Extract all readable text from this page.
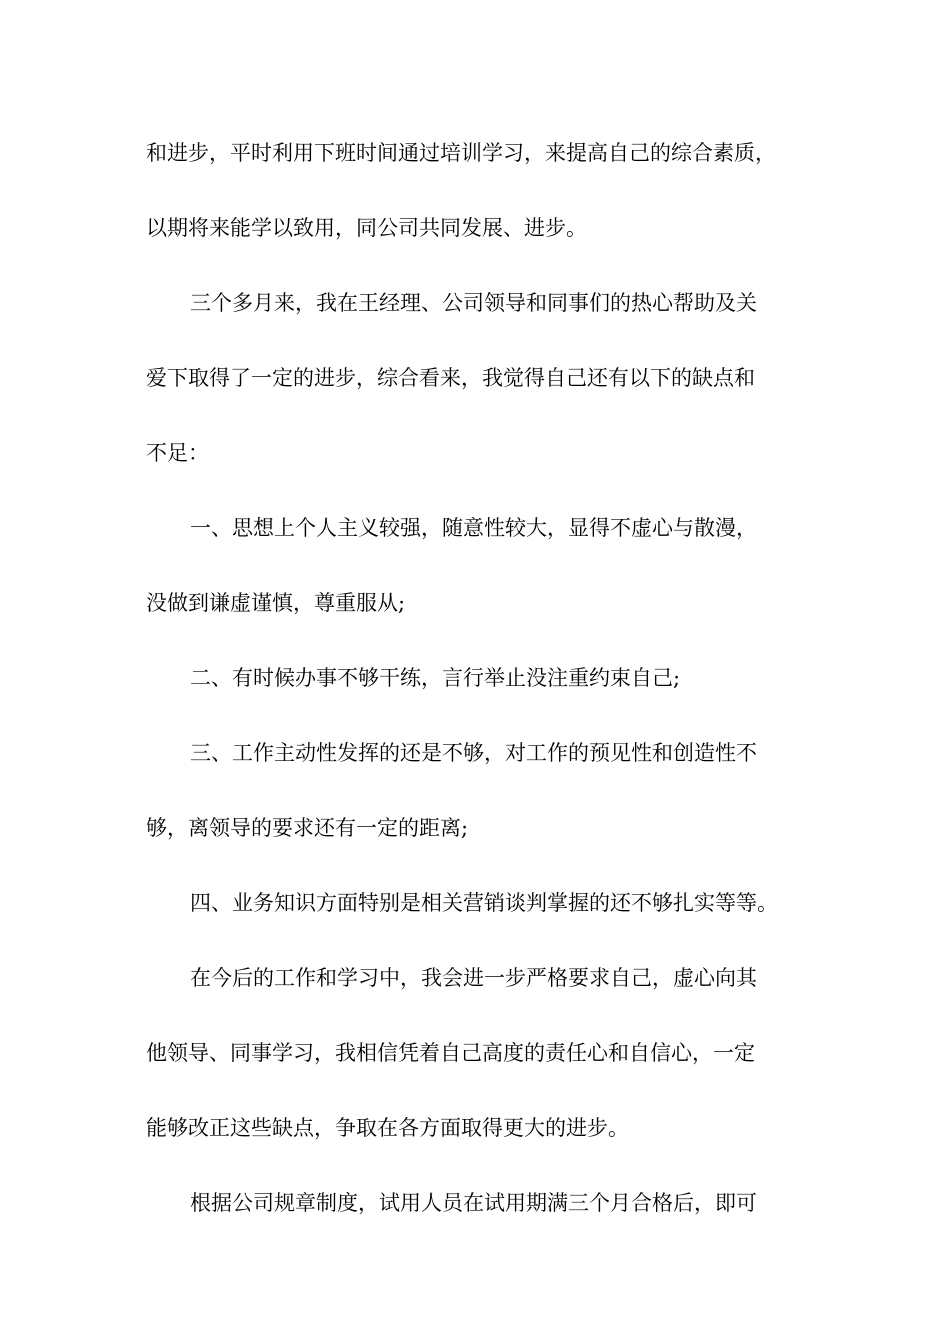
和进步，平时利用下班时间通过培训学习，来提高自己的综合素质，
以期将来能学以致用，同公司共同发展、进步。
三个多月来，我在王经理、公司领导和同事们的热心帮助及关
爱下取得了一定的进步，综合看来，我觉得自己还有以下的缺点和
不足：
一、思想上个人主义较强，随意性较大，显得不虚心与散漫，
没做到谦虚谨慎，尊重服从;
二、有时候办事不够干练，言行举止没注重约束自己;
三、工作主动性发挥的还是不够，对工作的预见性和创造性不
够，离领导的要求还有一定的距离;
四、业务知识方面特别是相关营销谈判掌握的还不够扎实等等。
在今后的工作和学习中，我会进一步严格要求自己，虚心向其
他领导、同事学习，我相信凭着自己高度的责任心和自信心，一定
能够改正这些缺点，争取在各方面取得更大的进步。
根据公司规章制度，试用人员在试用期满三个月合格后，即可
